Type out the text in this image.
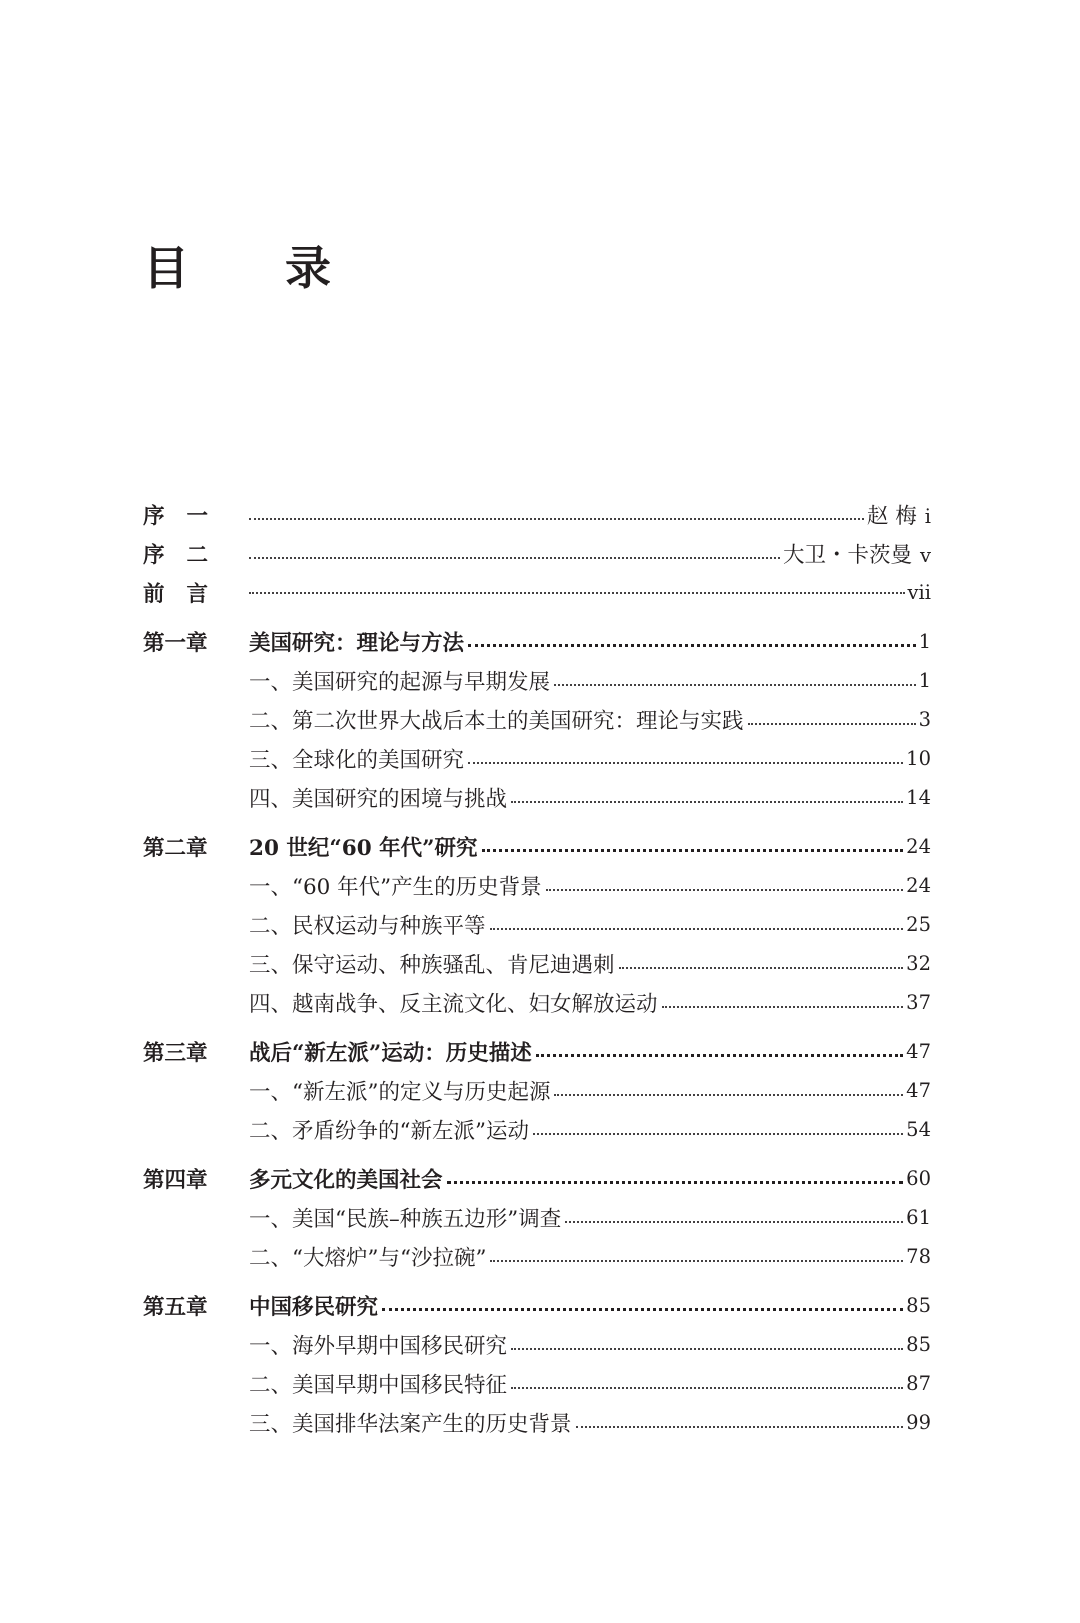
目 录
序一	赵 梅 i
序二	大卫・卡茨曼 v
前言	vii
第一章	美国研究：理论与方法	1
一、美国研究的起源与早期发展	1
二、第二次世界大战后本土的美国研究：理论与实践	3
三、全球化的美国研究	10
四、美国研究的困境与挑战	14
第二章	20 世纪“60 年代”研究	24
一、“60 年代”产生的历史背景	24
二、民权运动与种族平等	25
三、保守运动、种族骚乱、肯尼迪遇刺	32
四、越南战争、反主流文化、妇女解放运动	37
第三章	战后“新左派”运动：历史描述	47
一、“新左派”的定义与历史起源	47
二、矛盾纷争的“新左派”运动	54
第四章	多元文化的美国社会	60
一、美国“民族–种族五边形”调查	61
二、“大熔炉”与“沙拉碗”	78
第五章	中国移民研究	85
一、海外早期中国移民研究	85
二、美国早期中国移民特征	87
三、美国排华法案产生的历史背景	99
